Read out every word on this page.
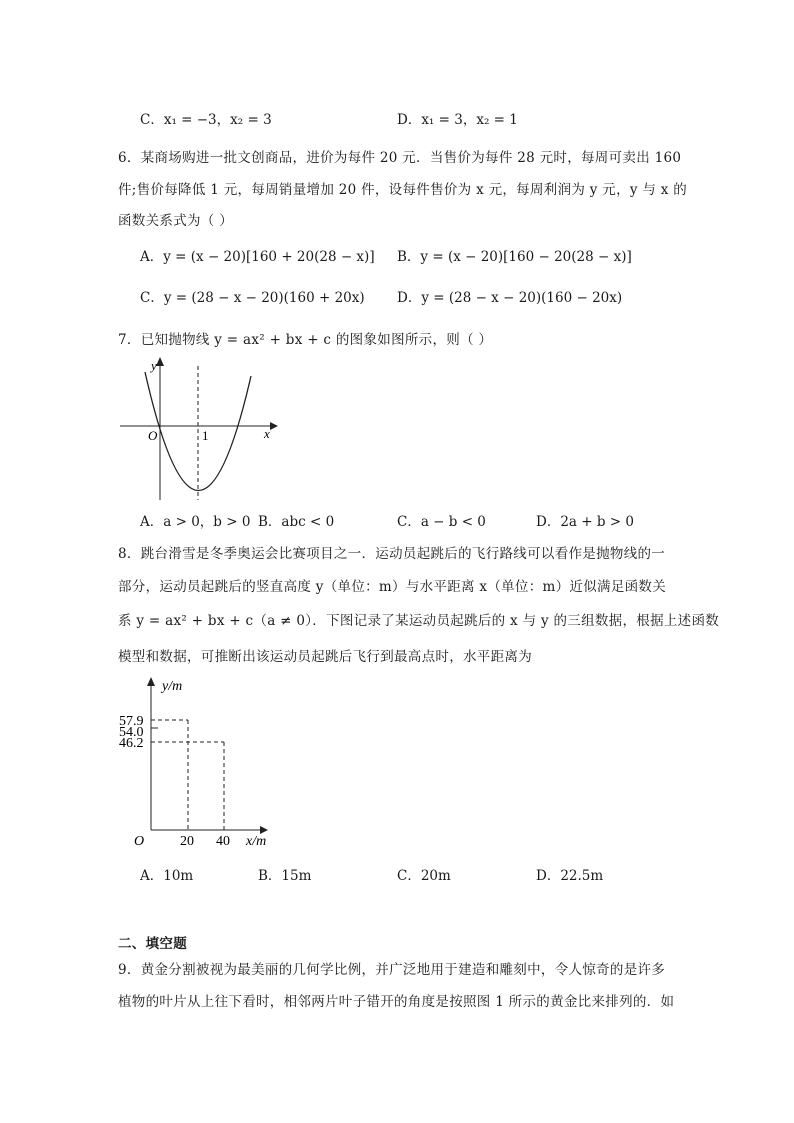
C．x₁ = −3，x₂ = 3	D．x₁ = 3，x₂ = 1
6．某商场购进一批文创商品，进价为每件 20 元．当售价为每件 28 元时，每周可卖出 160
件;售价每降低 1 元，每周销量增加 20 件，设每件售价为 x 元，每周利润为 y 元，y 与 x 的
函数关系式为（ ）
A．y = (x − 20)[160 + 20(28 − x)] B．y = (x − 20)[160 − 20(28 − x)]
C．y = (28 − x − 20)(160 + 20x) D．y = (28 − x − 20)(160 − 20x)
7．已知抛物线 y = ax² + bx + c 的图象如图所示，则（ ）
y
x
O	1
A．a > 0，b > 0 B．abc < 0	C．a − b < 0	D．2a + b > 0
8．跳台滑雪是冬季奥运会比赛项目之一．运动员起跳后的飞行路线可以看作是抛物线的一
部分，运动员起跳后的竖直高度 y（单位：m）与水平距离 x（单位：m）近似满足函数关
系 y = ax² + bx + c（a ≠ 0）．下图记录了某运动员起跳后的 x 与 y 的三组数据，根据上述函数
模型和数据，可推断出该运动员起跳后飞行到最高点时，水平距离为
y/m
57.9
54.0
46.2
O	20 40 x/m
A．10m	B．15m	C．20m	D．22.5m
二、填空题
9．黄金分割被视为最美丽的几何学比例，并广泛地用于建造和雕刻中，令人惊奇的是许多
植物的叶片从上往下看时，相邻两片叶子错开的角度是按照图 1 所示的黄金比来排列的．如
